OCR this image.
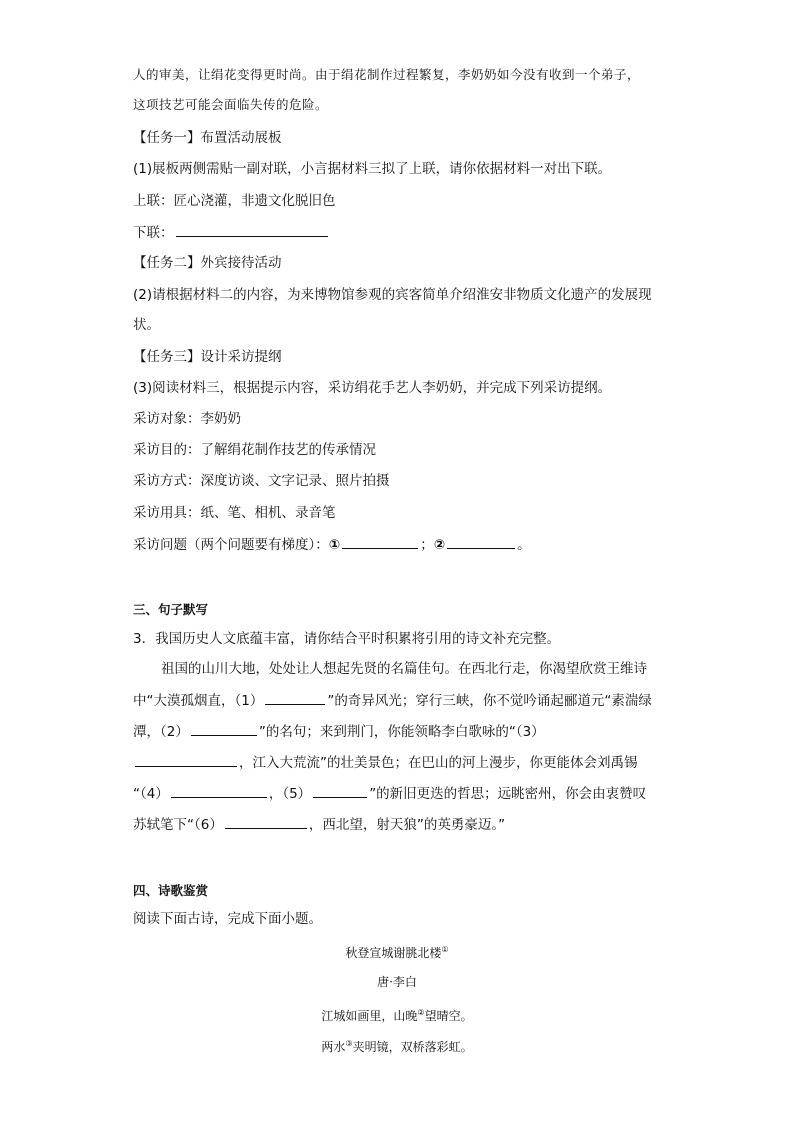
人的审美，让绢花变得更时尚。由于绢花制作过程繁复，李奶奶如今没有收到一个弟子，
这项技艺可能会面临失传的危险。
【任务一】布置活动展板
(1)展板两侧需贴一副对联，小言据材料三拟了上联，请你依据材料一对出下联。
上联：匠心浇灌，非遗文化脱旧色
下联：
【任务二】外宾接待活动
(2)请根据材料二的内容，为来博物馆参观的宾客简单介绍淮安非物质文化遗产的发展现
状。
【任务三】设计采访提纲
(3)阅读材料三，根据提示内容，采访绢花手艺人李奶奶，并完成下列采访提纲。
采访对象：李奶奶
采访目的：了解绢花制作技艺的传承情况
采访方式：深度访谈、文字记录、照片拍摄
采访用具：纸、笔、相机、录音笔
采访问题（两个问题要有梯度）：①	；②	。
三、句子默写
3．我国历史人文底蕴丰富，请你结合平时积累将引用的诗文补充完整。
祖国的山川大地，处处让人想起先贤的名篇佳句。在西北行走，你渴望欣赏王维诗
中“大漠孤烟直，（1）	”的奇异风光；穿行三峡，你不觉吟诵起郦道元“素湍绿
潭，（2）	”的名句；来到荆门，你能领略李白歌咏的“（3）
，江入大荒流”的壮美景色；在巴山的河上漫步，你更能体会刘禹锡
“（4）	，（5）	”的新旧更迭的哲思；远眺密州，你会由衷赞叹
苏轼笔下“（6）	，西北望，射天狼”的英勇豪迈。”
四、诗歌鉴赏
阅读下面古诗，完成下面小题。
秋登宣城谢朓北楼①
唐·李白
江城如画里，山晚②望晴空。
两水③夹明镜，双桥落彩虹。
